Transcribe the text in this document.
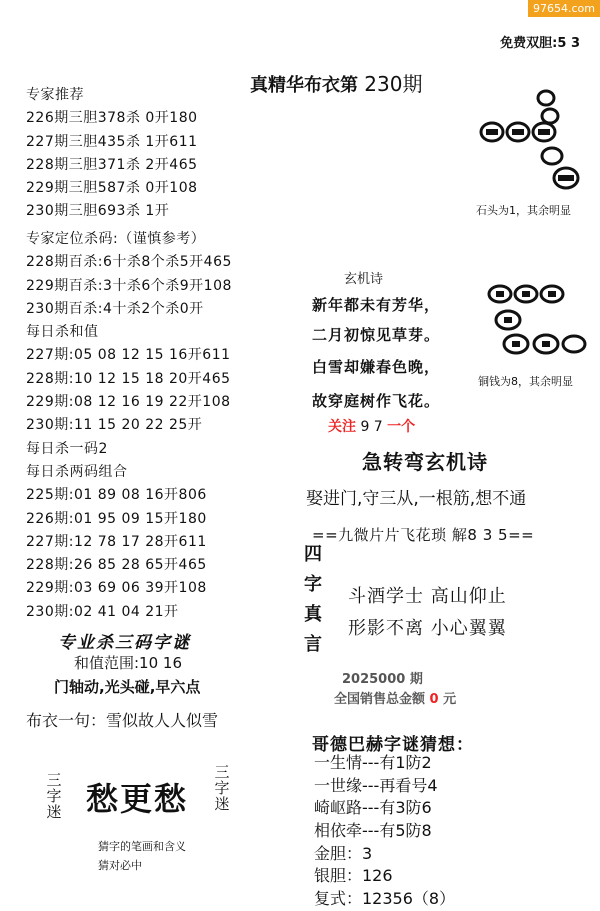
97654.com
免费双胆:5 3
真精华布衣第 230期
专家推荐
226期三胆378杀 0开180
227期三胆435杀 1开611
228期三胆371杀 2开465
229期三胆587杀 0开108
230期三胆693杀 1开
专家定位杀码:（谨慎参考）
228期百杀:6十杀8个杀5开465
229期百杀:3十杀6个杀9开108
230期百杀:4十杀2个杀0开
每日杀和值
227期:05 08 12 15 16开611
228期:10 12 15 18 20开465
229期:08 12 16 19 22开108
230期:11 15 20 22 25开
每日杀一码2
每日杀两码组合
225期:01 89 08 16开806
226期:01 95 09 15开180
227期:12 78 17 28开611
228期:26 85 28 65开465
229期:03 69 06 39开108
230期:02 41 04 21开
专业杀三码字谜
和值范围:10 16
门轴动,光头碰,早六点
布衣一句：雪似故人人似雪
三字迷 愁更愁
三字迷
猜字的笔画和含义
猜对必中
石头为1，其余明显
铜钱为8，其余明显
玄机诗
新年都未有芳华，
二月初惊见草芽。
白雪却嫌春色晚，
故穿庭树作飞花。
关注 9 7 一个
急转弯玄机诗
娶进门,守三从,一根筋,想不通
==九微片片飞花琐 解8 3 5==
四字真言
斗酒学士 高山仰止
形影不离 小心翼翼
2025000 期
全国销售总金额 0 元
哥德巴赫字谜猜想：
一生情---有1防2
一世缘---再看号4
崎岖路---有3防6
相依牵---有5防8
金胆：3
银胆：126
复式：12356（8）
